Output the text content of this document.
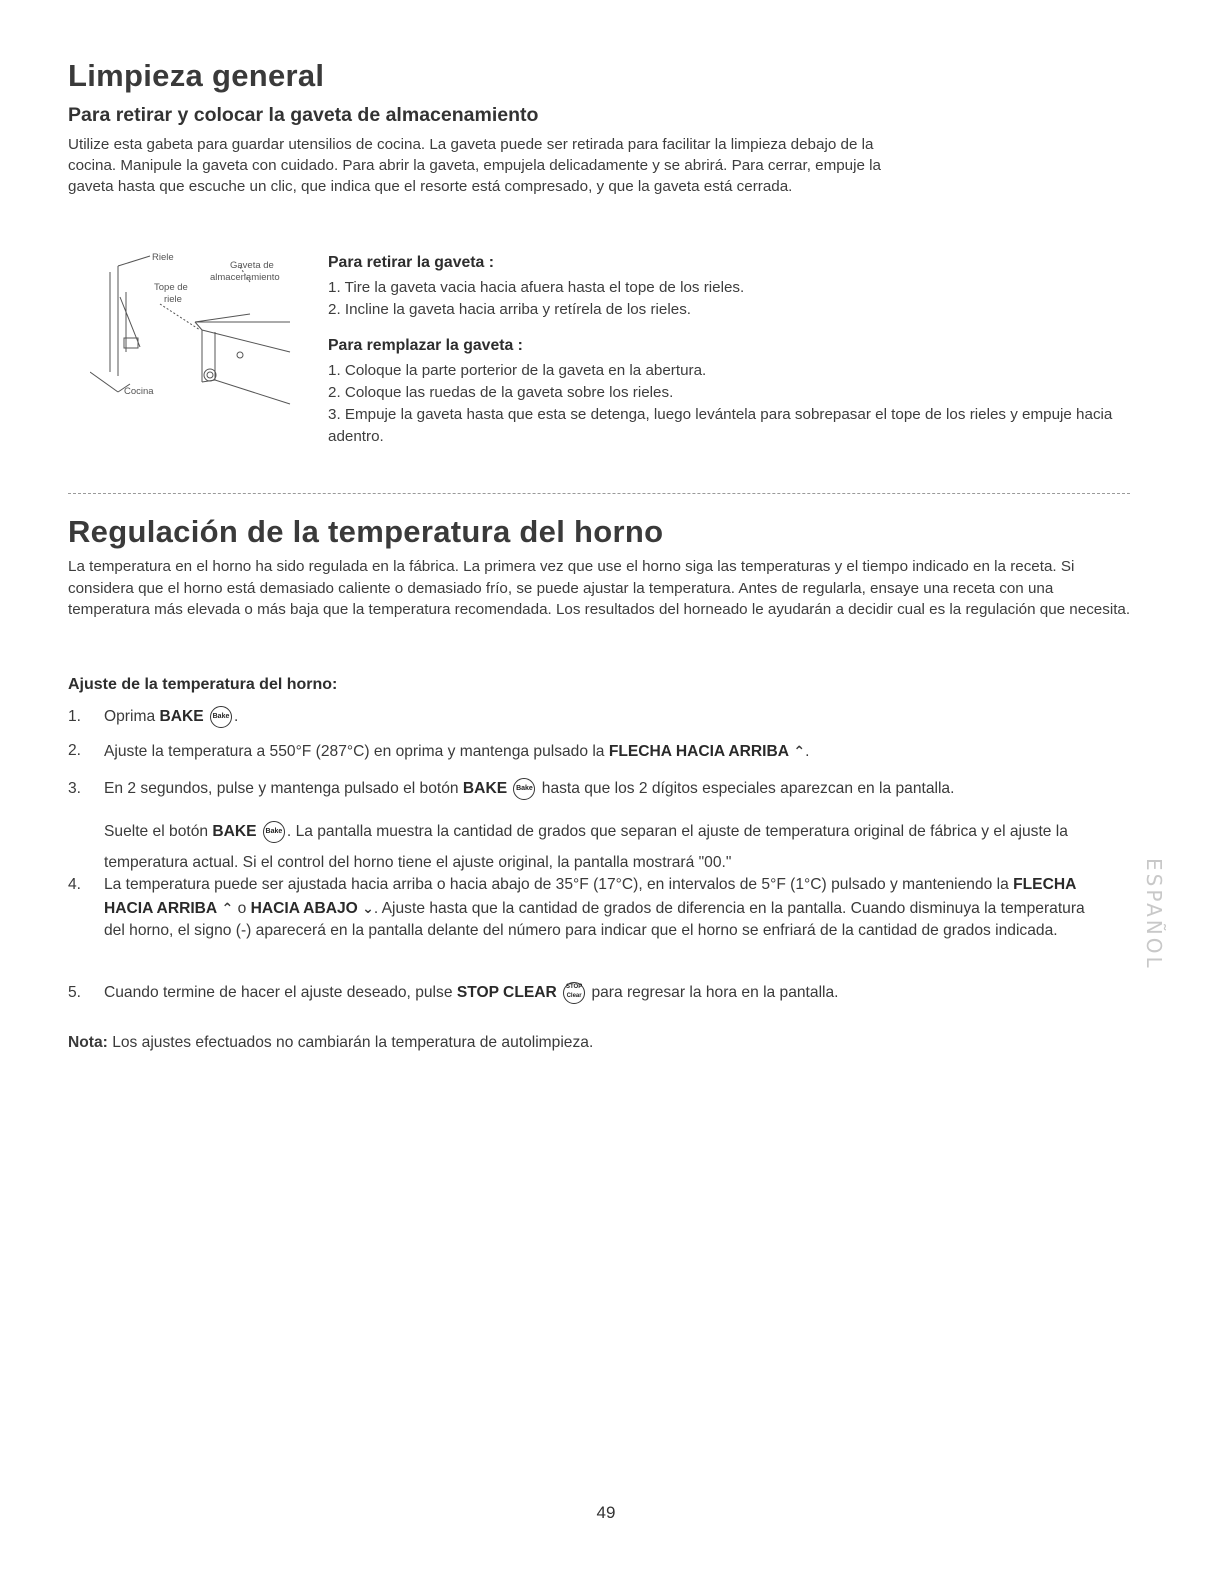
Limpieza general
Para retirar y colocar la gaveta de almacenamiento
Utilize esta gabeta para guardar utensilios de cocina. La gaveta puede ser retirada para facilitar la limpieza debajo de la cocina. Manipule la gaveta con cuidado. Para abrir la gaveta, empujela delicadamente y se abrirá. Para cerrar, empuje la gaveta hasta que escuche un clic, que indica que el resorte está compresado, y que la gaveta está cerrada.
Riele
Gaveta de
almacenamiento
Tope de
riele
Cocina
Para retirar la gaveta :

1. Tire la gaveta vacia hacia afuera hasta el tope de los rieles.

2. Incline la gaveta hacia arriba y retírela de los rieles.

Para remplazar la gaveta :

1. Coloque la parte porterior de la gaveta en la abertura.

2. Coloque las ruedas de la gaveta sobre los rieles.

3. Empuje la gaveta hasta que esta se detenga, luego levántela para sobrepasar el tope de los rieles y empuje hacia adentro.

Regulación de la temperatura del horno
La temperatura en el horno ha sido regulada en la fábrica. La primera vez que use el horno siga las temperaturas y el tiempo indicado en la receta. Si considera que el horno está demasiado caliente o demasiado frío, se puede ajustar la temperatura. Antes de regularla, ensaye una receta con una temperatura más elevada o más baja que la temperatura recomendada. Los resultados del horneado le ayudarán a decidir cual es la regulación que necesita.
Ajuste de la temperatura del horno:
1.	Oprima BAKE Bake .
2.	Ajuste la temperatura a 550°F (287°C) en oprima y mantenga pulsado la FLECHA HACIA ARRIBA ⌃.
3.	En 2 segundos, pulse y mantenga pulsado el botón BAKE Bake hasta que los 2 dígitos especiales aparezcan en la pantalla.
Suelte el botón BAKE Bake . La pantalla muestra la cantidad de grados que separan el ajuste de temperatura original de fábrica y el ajuste la temperatura actual. Si el control del horno tiene el ajuste original, la pantalla mostrará "00."
4.	La temperatura puede ser ajustada hacia arriba o hacia abajo de 35°F (17°C), en intervalos de 5°F (1°C) pulsado y manteniendo la FLECHA HACIA ARRIBA ⌃ o HACIA ABAJO ⌄. Ajuste hasta que la cantidad de grados de diferencia en la pantalla. Cuando disminuya la temperatura del horno, el signo (-) aparecerá en la pantalla delante del número para indicar que el horno se enfriará de la cantidad de grados indicada.
5.	Cuando termine de hacer el ajuste deseado, pulse STOP CLEAR STOP
Clear para regresar la hora en la pantalla.
Nota: Los ajustes efectuados no cambiarán la temperatura de autolimpieza.
ESPAÑOL
49
